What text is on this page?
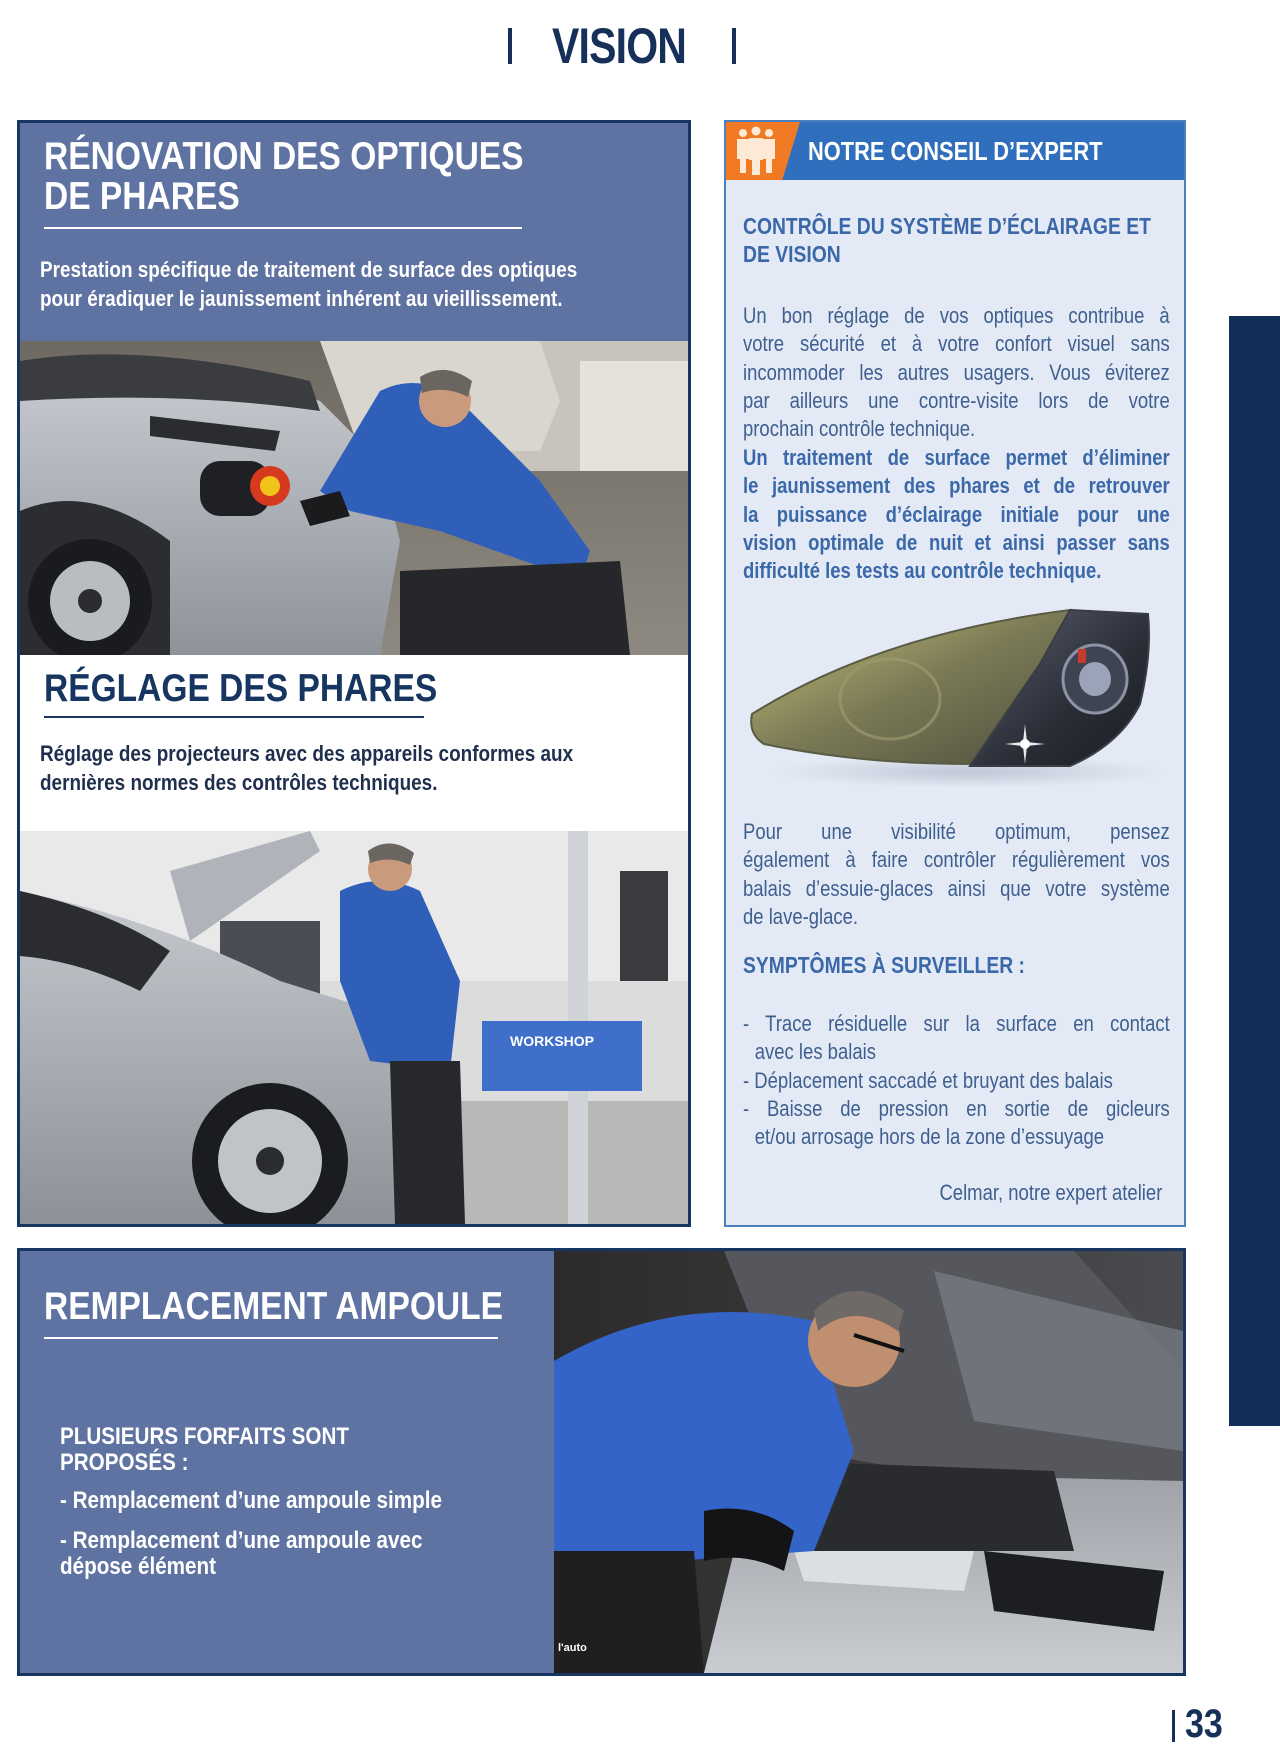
VISION
RÉNOVATION DES OPTIQUES
DE PHARES
Prestation spécifique de traitement de surface des optiques
pour éradiquer le jaunissement inhérent au vieillissement.
RÉGLAGE DES PHARES
Réglage des projecteurs avec des appareils conformes aux
dernières normes des contrôles techniques.
WORKSHOP
NOTRE CONSEIL D’EXPERT
CONTRÔLE DU SYSTÈME D’ÉCLAIRAGE ET
DE VISION
Un bon réglage de vos optiques contribue à
votre sécurité et à votre confort visuel sans
incommoder les autres usagers. Vous éviterez
par ailleurs une contre-visite lors de votre
prochain contrôle technique.
Un traitement de surface permet d’éliminer
le jaunissement des phares et de retrouver
la puissance d’éclairage initiale pour une
vision optimale de nuit et ainsi passer sans
difficulté les tests au contrôle technique.
Pour une visibilité optimum, pensez
également à faire contrôler régulièrement vos
balais d’essuie-glaces ainsi que votre système
de lave-glace.
SYMPTÔMES À SURVEILLER :
- Trace résiduelle sur la surface en contact
avec les balais
- Déplacement saccadé et bruyant des balais
- Baisse de pression en sortie de gicleurs
et/ou arrosage hors de la zone d’essuyage
Celmar, notre expert atelier
REMPLACEMENT AMPOULE
PLUSIEURS FORFAITS SONT
PROPOSÉS :
- Remplacement d’une ampoule simple
- Remplacement d’une ampoule avec
dépose élément
l'auto
33
